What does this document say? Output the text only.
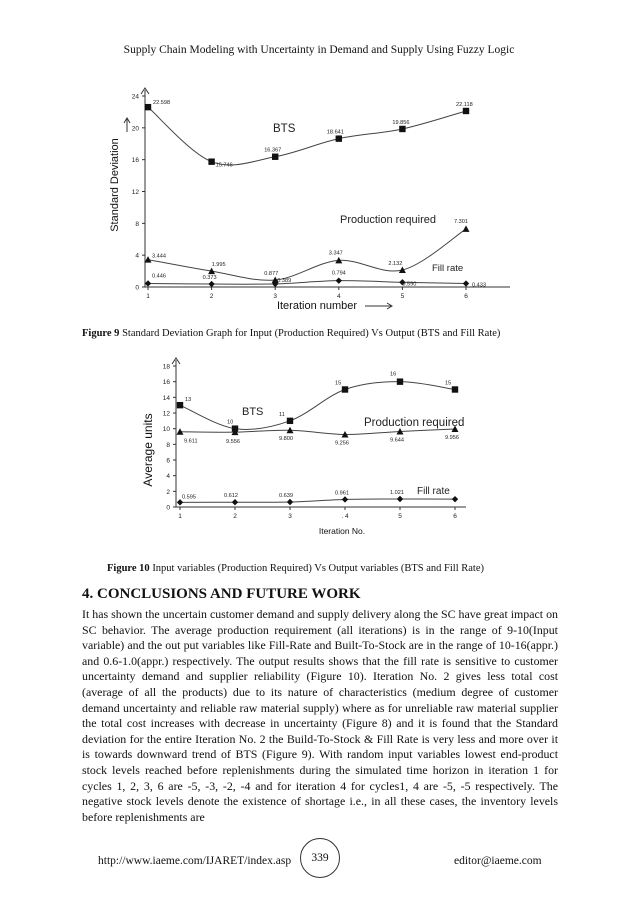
Supply Chain Modeling with Uncertainty in Demand and Supply Using Fuzzy Logic
0
4
8
12
16
20
24
1	2	3	4	5	6
Standard Deviation
Iteration number
22.598
15.746
16.367
18.641
19.856
22.118
BTS
3.444
1.995
0.877
3.347
2.132
7.301
Production required
0.446	0.373	0.389
0.794
0.590	0.433
Fill rate
Figure 9 Standard Deviation Graph for Input (Production Required) Vs Output (BTS and Fill Rate)
0
2
4
6
8
10
12
14
16
18
1	2	3	. 4	5	6
Average units
Iteration No.
13
10
11
15
16
15
BTS
9.611	9.556	9.800
9.256
9.644	9.956
Production required
0.595	0.612	0.639	0.961	1.021 Fill rate
Figure 10 Input variables (Production Required) Vs Output variables (BTS and Fill Rate)
4. CONCLUSIONS AND FUTURE WORK

It has shown the uncertain customer demand and supply delivery along the SC have great impact on SC behavior. The average production requirement (all iterations) is in the range of 9-10(Input variable) and the out put variables like Fill-Rate and Built-To-Stock are in the range of 10-16(appr.) and 0.6-1.0(appr.) respectively. The output results shows that the fill rate is sensitive to customer uncertainty demand and supplier reliability (Figure 10). Iteration No. 2 gives less total cost (average of all the products) due to its nature of characteristics (medium degree of customer demand uncertainty and reliable raw material supply) where as for unreliable raw material supplier the total cost increases with decrease in uncertainty (Figure 8) and it is found that the Standard deviation for the entire Iteration No. 2 the Build-To-Stock & Fill Rate is very less and more over it is towards downward trend of BTS (Figure 9). With random input variables lowest end-product stock levels reached before replenishments during the simulated time horizon in iteration 1 for cycles 1, 2, 3, 6 are -5, -3, -2, -4 and for iteration 4 for cycles1, 4 are -5, -5 respectively. The negative stock levels denote the existence of shortage i.e., in all these cases, the inventory levels before replenishments are

http://www.iaeme.com/IJARET/index.asp	339	editor@iaeme.com
